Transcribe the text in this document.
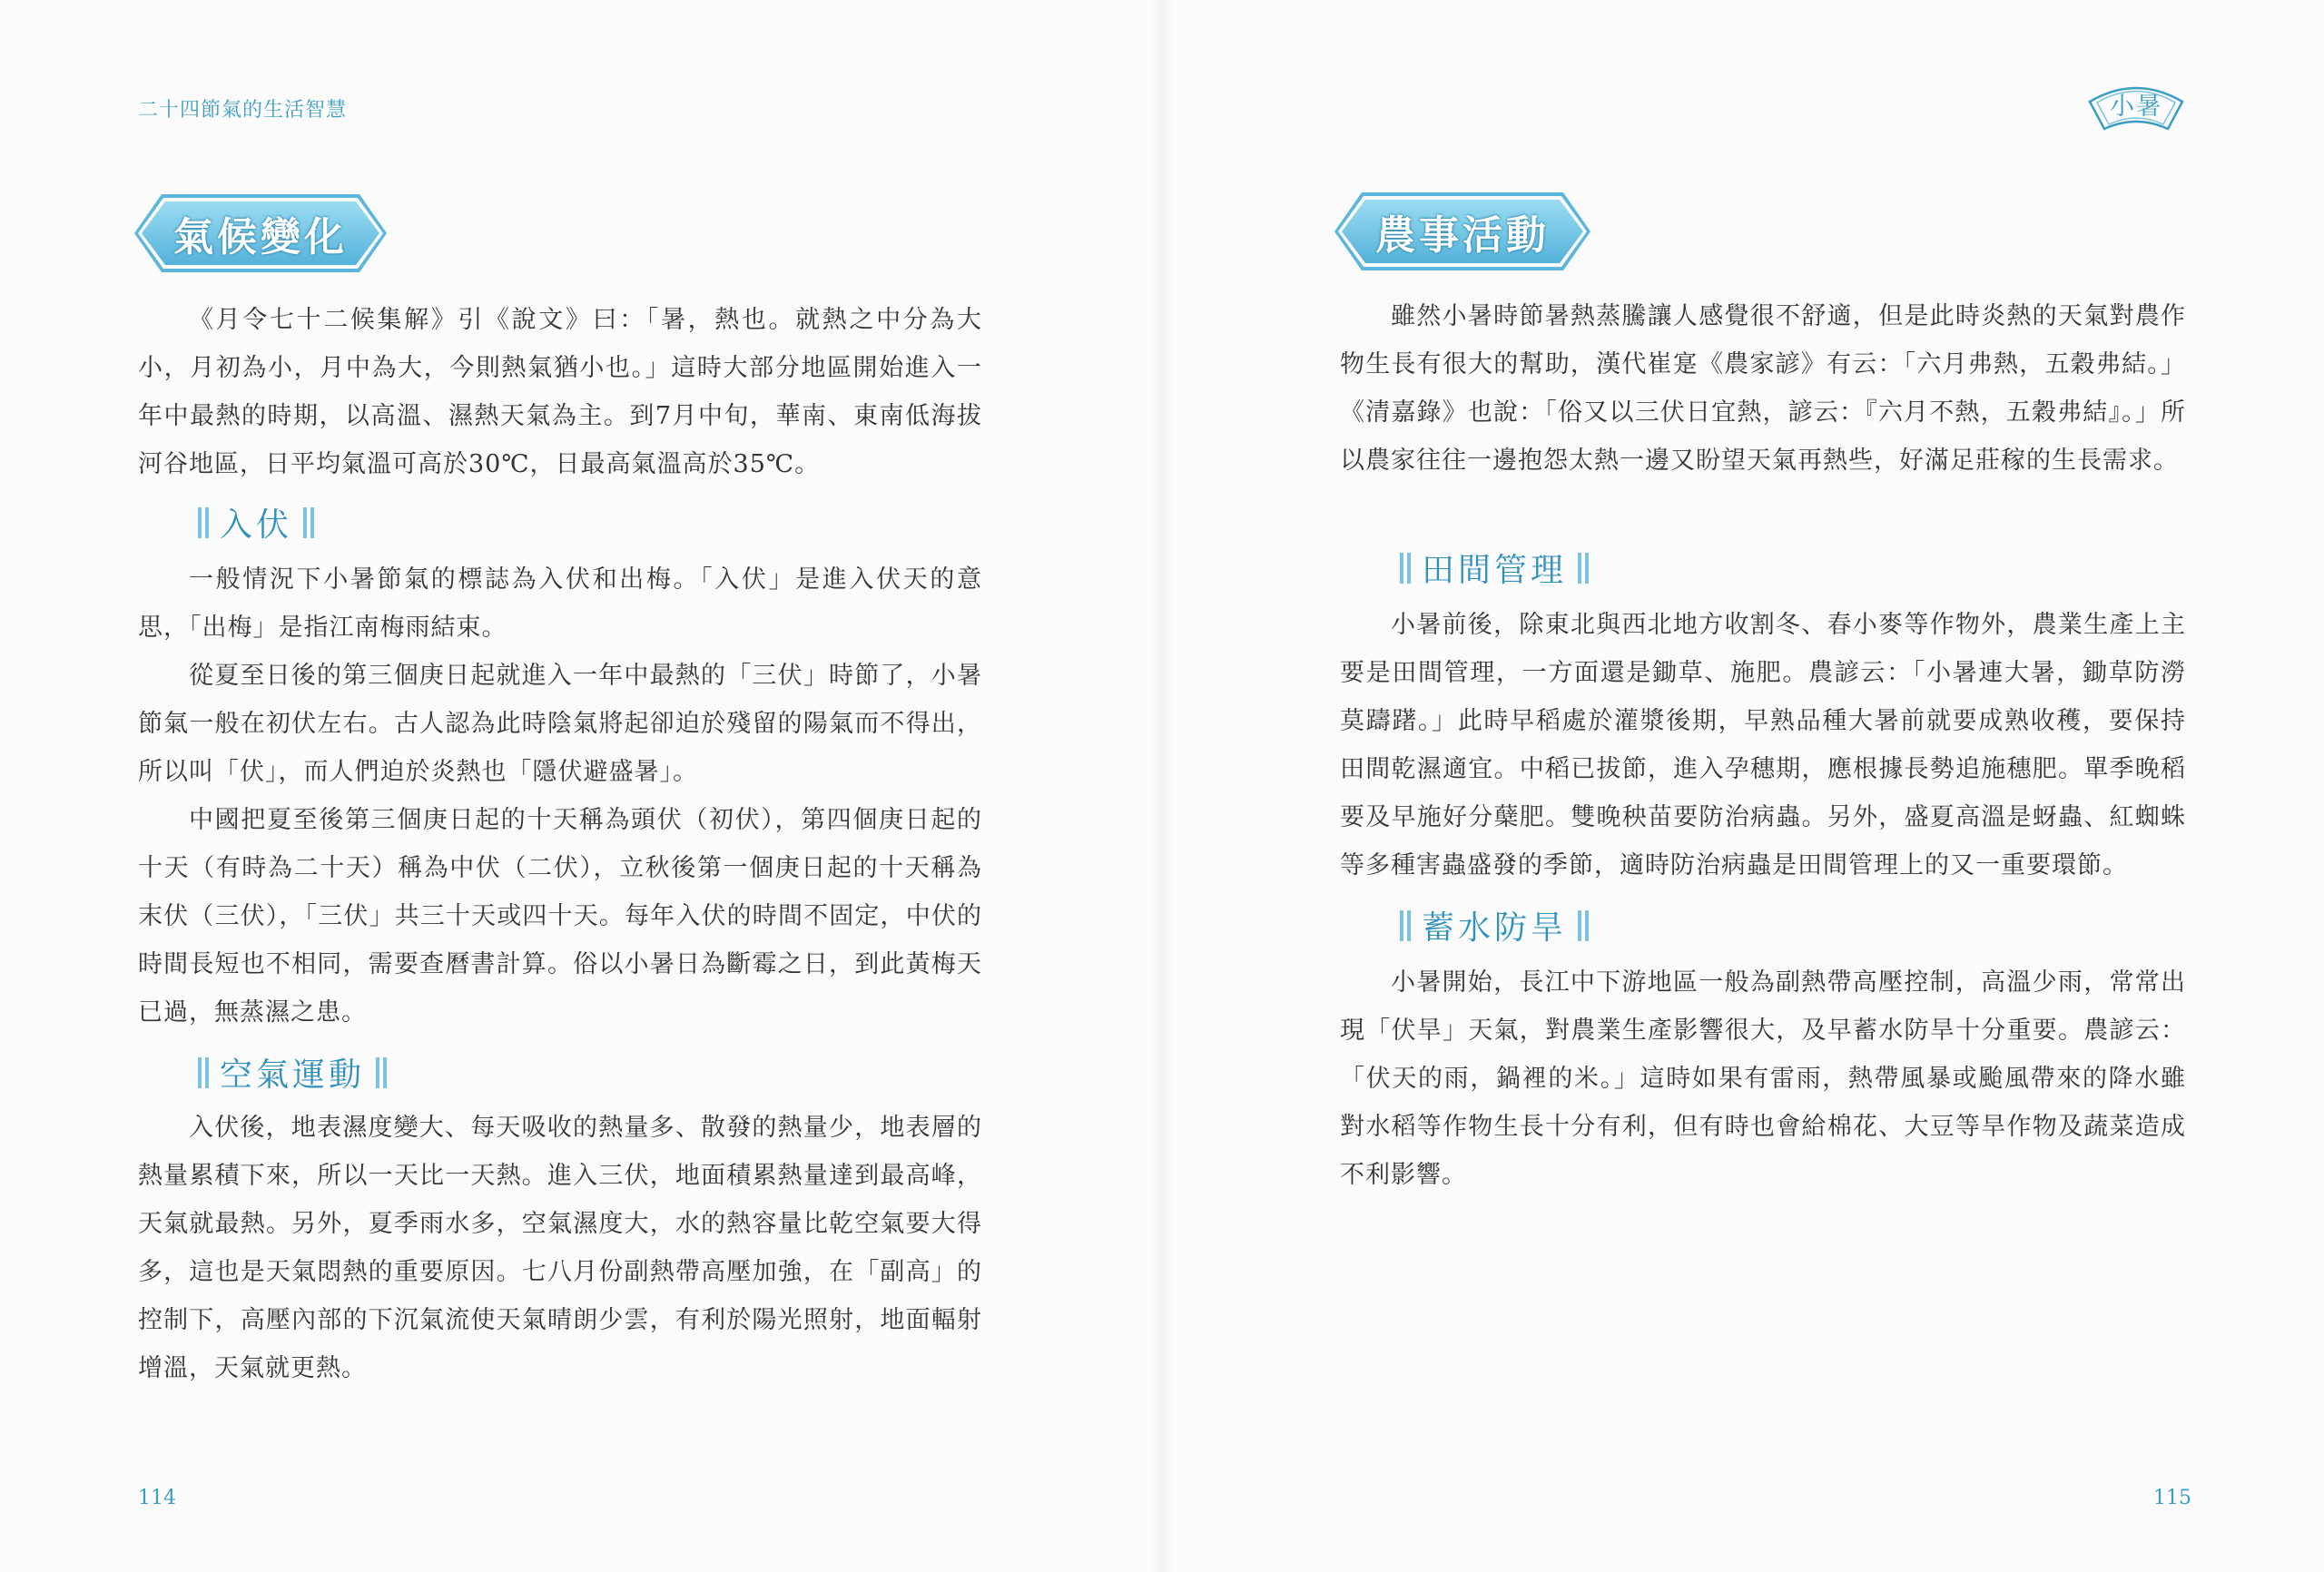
二十四節氣的生活智慧
氣候變化
《月令七十二候集解》引《說文》曰：「暑，熱也。就熱之中分為大小，月初為小，月中為大，今則熱氣猶小也。」這時大部分地區開始進入一年中最熱的時期，以高溫、濕熱天氣為主。到7月中旬，華南、東南低海拔河谷地區，日平均氣溫可高於30℃，日最高氣溫高於35℃。
入伏
一般情況下小暑節氣的標誌為入伏和出梅。「入伏」是進入伏天的意思，「出梅」是指江南梅雨結束。
從夏至日後的第三個庚日起就進入一年中最熱的「三伏」時節了，小暑節氣一般在初伏左右。古人認為此時陰氣將起卻迫於殘留的陽氣而不得出，所以叫「伏」，而人們迫於炎熱也「隱伏避盛暑」。
中國把夏至後第三個庚日起的十天稱為頭伏（初伏），第四個庚日起的十天（有時為二十天）稱為中伏（二伏），立秋後第一個庚日起的十天稱為末伏（三伏），「三伏」共三十天或四十天。每年入伏的時間不固定，中伏的時間長短也不相同，需要查曆書計算。俗以小暑日為斷霉之日，到此黃梅天已過，無蒸濕之患。
空氣運動
入伏後，地表濕度變大、每天吸收的熱量多、散發的熱量少，地表層的熱量累積下來，所以一天比一天熱。進入三伏，地面積累熱量達到最高峰，天氣就最熱。另外，夏季雨水多，空氣濕度大，水的熱容量比乾空氣要大得多，這也是天氣悶熱的重要原因。七八月份副熱帶高壓加強，在「副高」的控制下，高壓內部的下沉氣流使天氣晴朗少雲，有利於陽光照射，地面輻射增溫，天氣就更熱。
114
小暑
農事活動
雖然小暑時節暑熱蒸騰讓人感覺很不舒適，但是此時炎熱的天氣對農作物生長有很大的幫助，漢代崔寔《農家諺》有云：「六月弗熱，五穀弗結。」《清嘉錄》也說：「俗又以三伏日宜熱，諺云：『六月不熱，五穀弗結』。」所以農家往往一邊抱怨太熱一邊又盼望天氣再熱些，好滿足莊稼的生長需求。
田間管理
小暑前後，除東北與西北地方收割冬、春小麥等作物外，農業生產上主要是田間管理，一方面還是鋤草、施肥。農諺云：「小暑連大暑，鋤草防澇莫躊躇。」此時早稻處於灌漿後期，早熟品種大暑前就要成熟收穫，要保持田間乾濕適宜。中稻已拔節，進入孕穗期，應根據長勢追施穗肥。單季晚稻要及早施好分蘖肥。雙晚秧苗要防治病蟲。另外，盛夏高溫是蚜蟲、紅蜘蛛等多種害蟲盛發的季節，適時防治病蟲是田間管理上的又一重要環節。
蓄水防旱
小暑開始，長江中下游地區一般為副熱帶高壓控制，高溫少雨，常常出現「伏旱」天氣，對農業生產影響很大，及早蓄水防旱十分重要。農諺云：「伏天的雨，鍋裡的米。」這時如果有雷雨，熱帶風暴或颱風帶來的降水雖對水稻等作物生長十分有利，但有時也會給棉花、大豆等旱作物及蔬菜造成不利影響。
115
